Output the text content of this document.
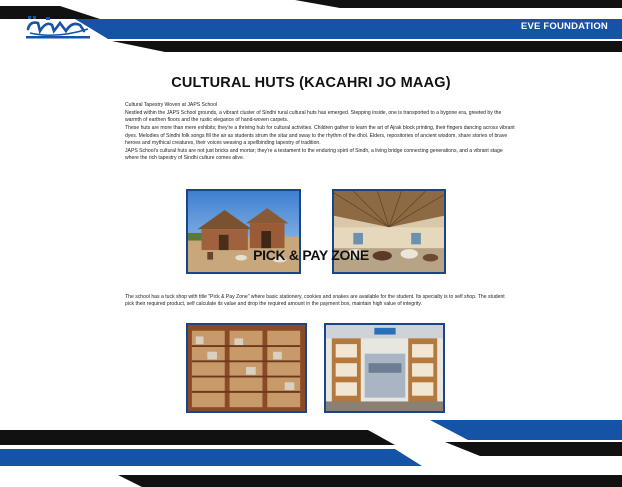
EVE FOUNDATION
CULTURAL HUTS (KACAHRI JO MAAG)

Cultural Tapestry Woven at JAPS School

Nestled within the JAPS School grounds, a vibrant cluster of Sindhi rural cultural huts has emerged. Stepping inside, one is transported to a bygone era, greeted by the warmth of earthen floors and the rustic elegance of hand-woven carpets.

These huts are more than mere exhibits; they're a thriving hub for cultural activities. Children gather to learn the art of Ajrak block printing, their fingers dancing across vibrant dyes. Melodies of Sindhi folk songs fill the air as students strum the sitar and sway to the rhythm of the dhol. Elders, repositories of ancient wisdom, share stories of brave heroes and mythical creatures, their voices weaving a spellbinding tapestry of tradition.

JAPS School's cultural huts are not just bricks and mortar; they're a testament to the enduring spirit of Sindh, a living bridge connecting generations, and a vibrant stage where the rich tapestry of Sindhi culture comes alive.

PICK & PAY ZONE

The school has a tuck shop with title "Pick & Pay Zone" where basic stationery, cookies and snakes are available for the student. Its specialty is to self shop. The student pick their required product, self calculate its value and drop the required amount in the payment box, maintain high value of integrity.
